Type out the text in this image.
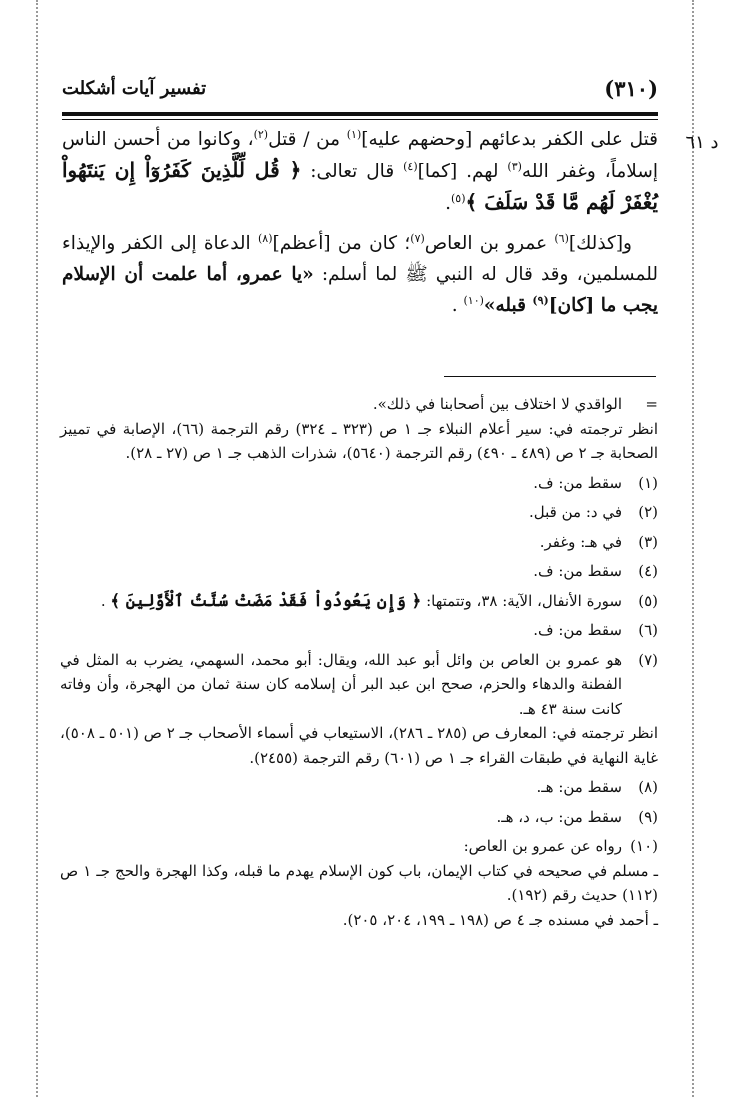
(٣١٠)
تفسير آيات أشكلت
د ٦١

قتل على الكفر بدعائهم [وحضهم عليه]$^{(١)}$ من / قتل$^{(٢)}$، وكانوا من أحسن الناس إسلاماً، وغفر الله$^{(٣)}$ لهم. [كما]$^{(٤)}$ قال تعالى: ﴿ قُل لِّلَّذِينَ كَفَرُوٓاْ إِن يَنتَهُواْ يُغْفَرْ لَهُم مَّا قَدْ سَلَفَ ﴾$^{(٥)}$.

و[كذلك]$^{(٦)}$ عمرو بن العاص$^{(٧)}$؛ كان من [أعظم]$^{(٨)}$ الدعاة إلى الكفر والإيذاء للمسلمين، وقد قال له النبي ﷺ لما أسلم: «يا عمرو، أما علمت أن الإسلام يجب ما [كان]$^{(٩)}$ قبله»$^{(١٠)}$ .

=

الواقدي لا اختلاف بين أصحابنا في ذلك».

انظر ترجمته في: سير أعلام النبلاء جـ ١ ص (٣٢٣ ـ ٣٢٤) رقم الترجمة (٦٦)، الإصابة في تمييز الصحابة جـ ٢ ص (٤٨٩ ـ ٤٩٠) رقم الترجمة (٥٦٤٠)، شذرات الذهب جـ ١ ص (٢٧ ـ ٢٨).

(١)

سقط من: ف.

(٢)

في د: من قبل.

(٣)

في هـ: وغفر.

(٤)

سقط من: ف.

(٥)

سورة الأنفال، الآية: ٣٨، وتتمتها: ﴿ وَإِن يَعُودُواْ فَقَدْ مَضَتْ سُنَّتُ ٱلْأَوَّلِينَ ﴾ .

(٦)

سقط من: ف.

(٧)

هو عمرو بن العاص بن وائل أبو عبد الله، ويقال: أبو محمد، السهمي، يضرب به المثل في الفطنة والدهاء والحزم، صحح ابن عبد البر أن إسلامه كان سنة ثمان من الهجرة، وأن وفاته كانت سنة ٤٣ هـ.

انظر ترجمته في: المعارف ص (٢٨٥ ـ ٢٨٦)، الاستيعاب في أسماء الأصحاب جـ ٢ ص (٥٠١ ـ ٥٠٨)، غاية النهاية في طبقات القراء جـ ١ ص (٦٠١) رقم الترجمة (٢٤٥٥).

(٨)

سقط من: هـ.

(٩)

سقط من: ب، د، هـ.

(١٠)

رواه عن عمرو بن العاص:

ـ مسلم في صحيحه في كتاب الإيمان، باب كون الإسلام يهدم ما قبله، وكذا الهجرة والحج جـ ١ ص (١١٢) حديث رقم (١٩٢).

ـ أحمد في مسنده جـ ٤ ص (١٩٨ ـ ١٩٩، ٢٠٤، ٢٠٥).
